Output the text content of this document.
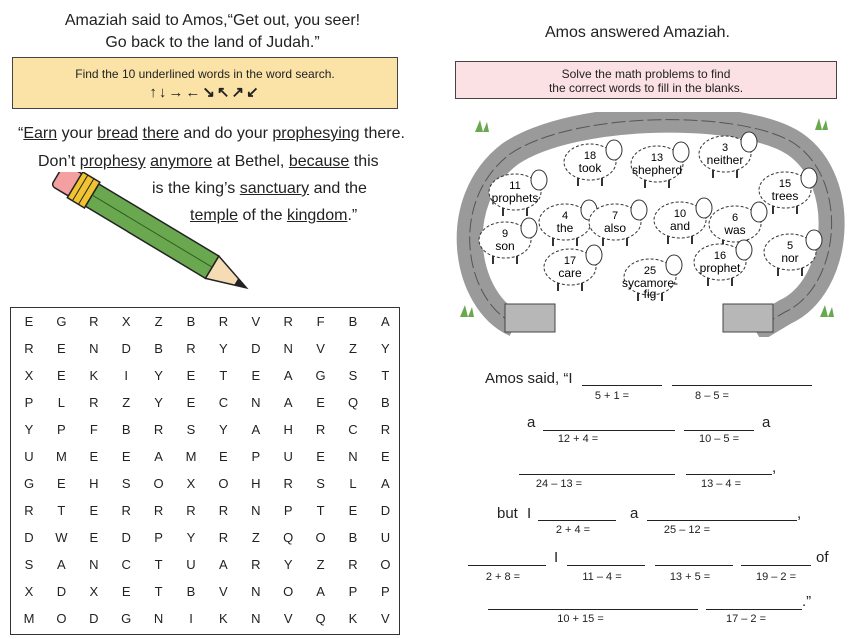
Amaziah said to Amos,“Get out, you seer!
Go back to the land of Judah.”
Amos answered Amaziah.
Find the 10 underlined words in the word search.
↑↓→←↘↖↗↙
Solve the math problems to find
the correct words to fill in the blanks.
“Earn your bread there and do your prophesying there.
Don’t prophesy anymore at Bethel, because this
is the king’s sanctuary and the
temple of the kingdom.”
E	G	R	X	Z	B	R	V	R	F	B	A
R	E	N	D	B	R	Y	D	N	V	Z	Y
X	E	K	I	Y	E	T	E	A	G	S	T
P	L	R	Z	Y	E	C	N	A	E	Q	B
Y	P	F	B	R	S	Y	A	H	R	C	R
U	M	E	E	A	M	E	P	U	E	N	E
G	E	H	S	O	X	O	H	R	S	L	A
R	T	E	R	R	R	R	N	P	T	E	D
D	W	E	D	P	Y	R	Z	Q	O	B	U
S	A	N	C	T	U	A	R	Y	Z	R	O
X	D	X	E	T	B	V	N	O	A	P	P
M	O	D	G	N	I	K	N	V	Q	K	V
18
took
13
shepherd
3
neither
11
prophets
15
trees
4
the
7
also
10
and
6
was
9
son	5
nor
17
care	25
sycamore-
fig
16
prophet
Amos said, “I
5 + 1 =	8 – 5 =
a
12 + 4 =	10 – 5 =
a
24 – 13 =
,
13 – 4 =
but I
2 + 4 =
a	,
25 – 12 =
2 + 8 =
I
11 – 4 =	13 + 5 =	19 – 2 =
of
10 + 15 =
.”
17 – 2 =
